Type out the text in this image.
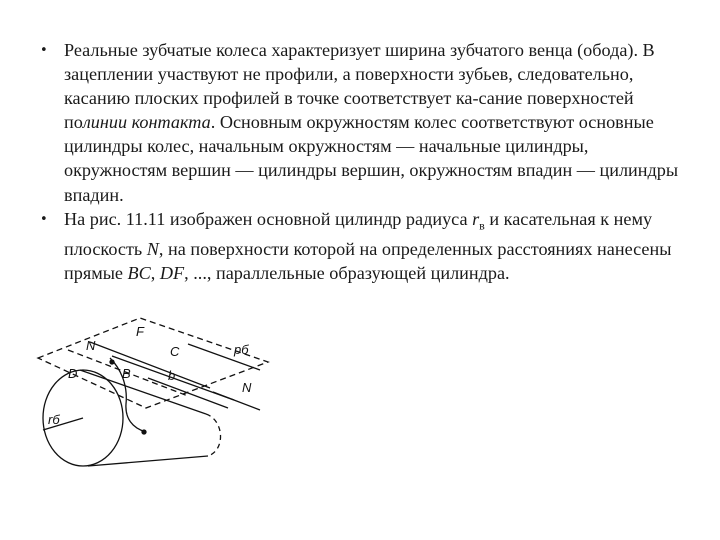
• Реальные зубчатые колеса характеризует ширина зубчатого венца (обода). В зацеплении участвуют не профили, а поверхности зубьев, следовательно, касанию плоских профилей в точке соответствует ка-сание поверхностей полинии контакта. Основным окружностям колес соответствуют основные цилиндры колес, начальным окружностям — начальные цилиндры, окружностям вершин — цилиндры вершин, окружностям впадин — цилиндры впадин.

• На рис. 11.11 изображен основной цилиндр радиуса $r_в$ и касательная к нему плоскость N, на поверхности которой на определенных расстояниях нанесены прямые BC, DF, ..., параллельные образующей цилиндра.

N
F
C
D	B	b
N
pб
rб
